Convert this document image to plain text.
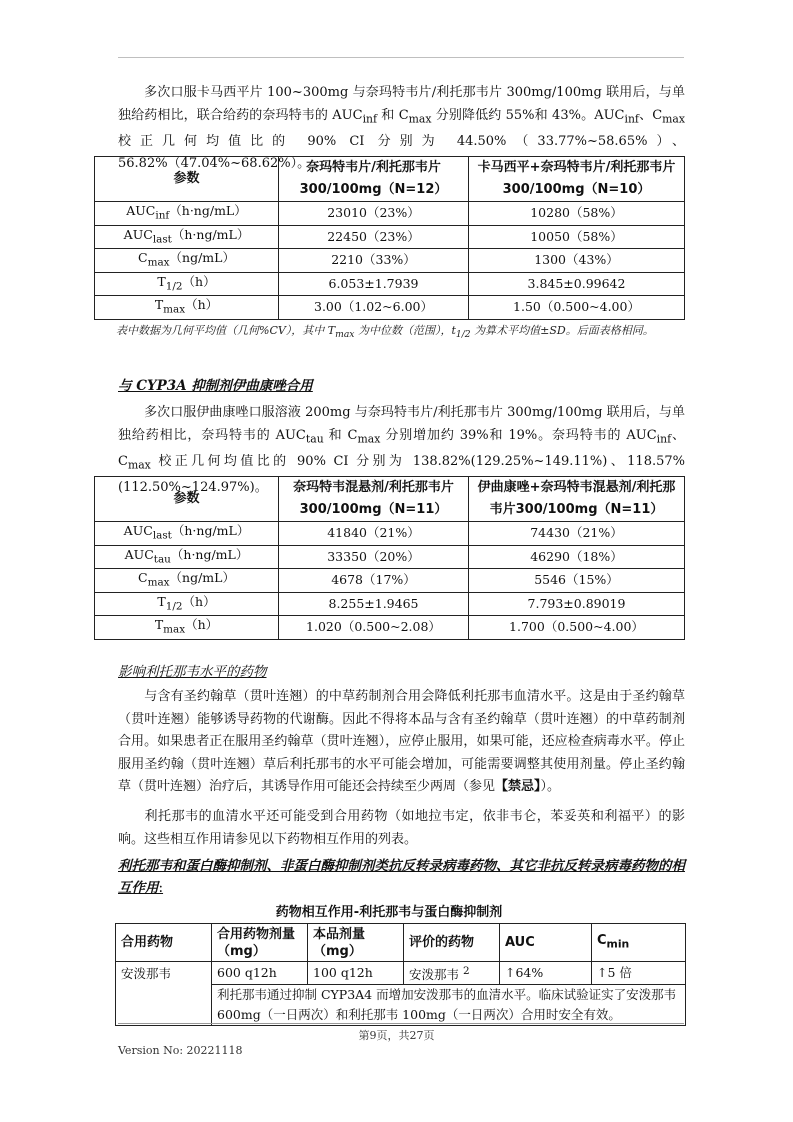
多次口服卡马西平片 100~300mg 与奈玛特韦片/利托那韦片 300mg/100mg 联用后，与单独给药相比，联合给药的奈玛特韦的 $AUC_{inf}$ 和 $C_{max}$ 分别降低约 55%和 43%。$AUC_{inf}$、$C_{max}$ 校正几何均值比的 90% CI 分别为 44.50%（33.77%~58.65%）、56.82%（47.04%~68.62%）。
参数	奈玛特韦片/利托那韦片300/100mg（N=12）	卡马西平+奈玛特韦片/利托那韦片300/100mg（N=10）
$AUC_{inf}(h\cdot ng/mL)$	23010（23%）	10280（58%）
$AUC_{last}(h\cdot ng/mL)$	22450（23%）	10050（58%）
$C_{max}(ng/mL)$	2210（33%）	1300（43%）
$T_{1/2}(h)$	6.053±1.7939	3.845±0.99642
$T_{max}(h)$	3.00（1.02~6.00）	1.50（0.500~4.00）
表中数据为几何平均值（几何%CV），其中 $T_{max}$ 为中位数（范围），$t_{1/2}$ 为算术平均值±SD。后面表格相同。
与 CYP3A 抑制剂伊曲康唑合用
多次口服伊曲康唑口服溶液 200mg 与奈玛特韦片/利托那韦片 300mg/100mg 联用后，与单独给药相比，奈玛特韦的 $AUC_{tau}$ 和 $C_{max}$ 分别增加约 39%和 19%。奈玛特韦的 $AUC_{inf}$、$C_{max}$ 校正几何均值比的 90% CI 分别为 138.82%(129.25%~149.11%)、118.57%(112.50%~124.97%)。
参数	奈玛特韦混悬剂/利托那韦片300/100mg（N=11）	伊曲康唑+奈玛特韦混悬剂/利托那韦片300/100mg（N=11）
$AUC_{last}(h\cdot ng/mL)$	41840（21%）	74430（21%）
$AUC_{tau}(h\cdot ng/mL)$	33350（20%）	46290（18%）
$C_{max}(ng/mL)$	4678（17%）	5546（15%）
$T_{1/2}(h)$	8.255±1.9465	7.793±0.89019
$T_{max}(h)$	1.020（0.500~2.08）	1.700（0.500~4.00）
影响利托那韦水平的药物
与含有圣约翰草（贯叶连翘）的中草药制剂合用会降低利托那韦血清水平。这是由于圣约翰草（贯叶连翘）能够诱导药物的代谢酶。因此不得将本品与含有圣约翰草（贯叶连翘）的中草药制剂合用。如果患者正在服用圣约翰草（贯叶连翘），应停止服用，如果可能，还应检查病毒水平。停止服用圣约翰（贯叶连翘）草后利托那韦的水平可能会增加，可能需要调整其使用剂量。停止圣约翰草（贯叶连翘）治疗后，其诱导作用可能还会持续至少两周（参见【禁忌】）。
利托那韦的血清水平还可能受到合用药物（如地拉韦定，依非韦仑，苯妥英和利福平）的影响。这些相互作用请参见以下药物相互作用的列表。
利托那韦和蛋白酶抑制剂、非蛋白酶抑制剂类抗反转录病毒药物、其它非抗反转录病毒药物的相互作用:
药物相互作用-利托那韦与蛋白酶抑制剂
合用药物	合用药物剂量（mg）	本品剂量（mg）	评价的药物	AUC	$C_{min}$
安泼那韦	600 q12h	100 q12h	安泼那韦 $^2$	↑64%	↑5 倍
	利托那韦通过抑制 CYP3A4 而增加安泼那韦的血清水平。临床试验证实了安泼那韦 600mg（一日两次）和利托那韦 100mg（一日两次）合用时安全有效。				
第9页，共27页
Version No: 20221118
